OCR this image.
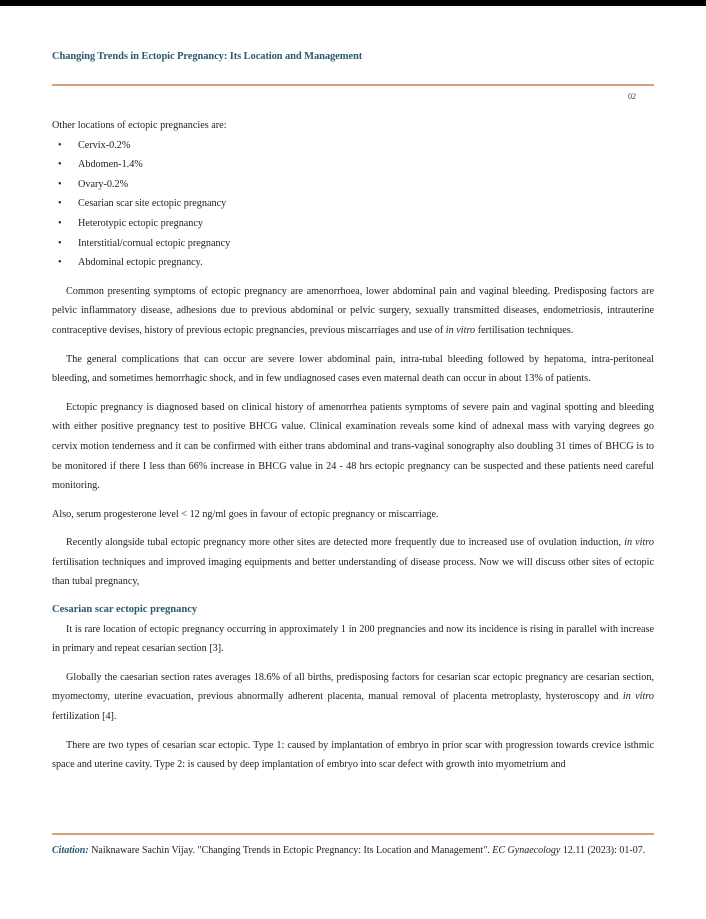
Changing Trends in Ectopic Pregnancy: Its Location and Management
02

Other locations of ectopic pregnancies are:

• Cervix-0.2%
• Abdomen-1.4%
• Ovary-0.2%
• Cesarian scar site ectopic pregnancy
• Heterotypic ectopic pregnancy
• Interstitial/cornual ectopic pregnancy
• Abdominal ectopic pregnancy.

Common presenting symptoms of ectopic pregnancy are amenorrhoea, lower abdominal pain and vaginal bleeding. Predisposing factors are pelvic inflammatory disease, adhesions due to previous abdominal or pelvic surgery, sexually transmitted diseases, endometriosis, intrauterine contraceptive devises, history of previous ectopic pregnancies, previous miscarriages and use of in vitro fertilisation techniques.

The general complications that can occur are severe lower abdominal pain, intra-tubal bleeding followed by hepatoma, intra-peritoneal bleeding, and sometimes hemorrhagic shock, and in few undiagnosed cases even maternal death can occur in about 13% of patients.

Ectopic pregnancy is diagnosed based on clinical history of amenorrhea patients symptoms of severe pain and vaginal spotting and bleeding with either positive pregnancy test to positive BHCG value. Clinical examination reveals some kind of adnexal mass with varying degrees go cervix motion tenderness and it can be confirmed with either trans abdominal and trans-vaginal sonography also doubling 31 times of BHCG is to be monitored if there I less than 66% increase in BHCG value in 24 - 48 hrs ectopic pregnancy can be suspected and these patients need careful monitoring.

Also, serum progesterone level < 12 ng/ml goes in favour of ectopic pregnancy or miscarriage.

Recently alongside tubal ectopic pregnancy more other sites are detected more frequently due to increased use of ovulation induction, in vitro fertilisation techniques and improved imaging equipments and better understanding of disease process. Now we will discuss other sites of ectopic than tubal pregnancy,

Cesarian scar ectopic pregnancy

It is rare location of ectopic pregnancy occurring in approximately 1 in 200 pregnancies and now its incidence is rising in parallel with increase in primary and repeat cesarian section [3].

Globally the caesarian section rates averages 18.6% of all births, predisposing factors for cesarian scar ectopic pregnancy are cesarian section, myomectomy, uterine evacuation, previous abnormally adherent placenta, manual removal of placenta metroplasty, hysteroscopy and in vitro fertilization [4].

There are two types of cesarian scar ectopic. Type 1: caused by implantation of embryo in prior scar with progression towards crevice isthmic space and uterine cavity. Type 2: is caused by deep implantation of embryo into scar defect with growth into myometrium and

Citation: Naiknaware Sachin Vijay. "Changing Trends in Ectopic Pregnancy: Its Location and Management". EC Gynaecology 12.11 (2023): 01-07.
